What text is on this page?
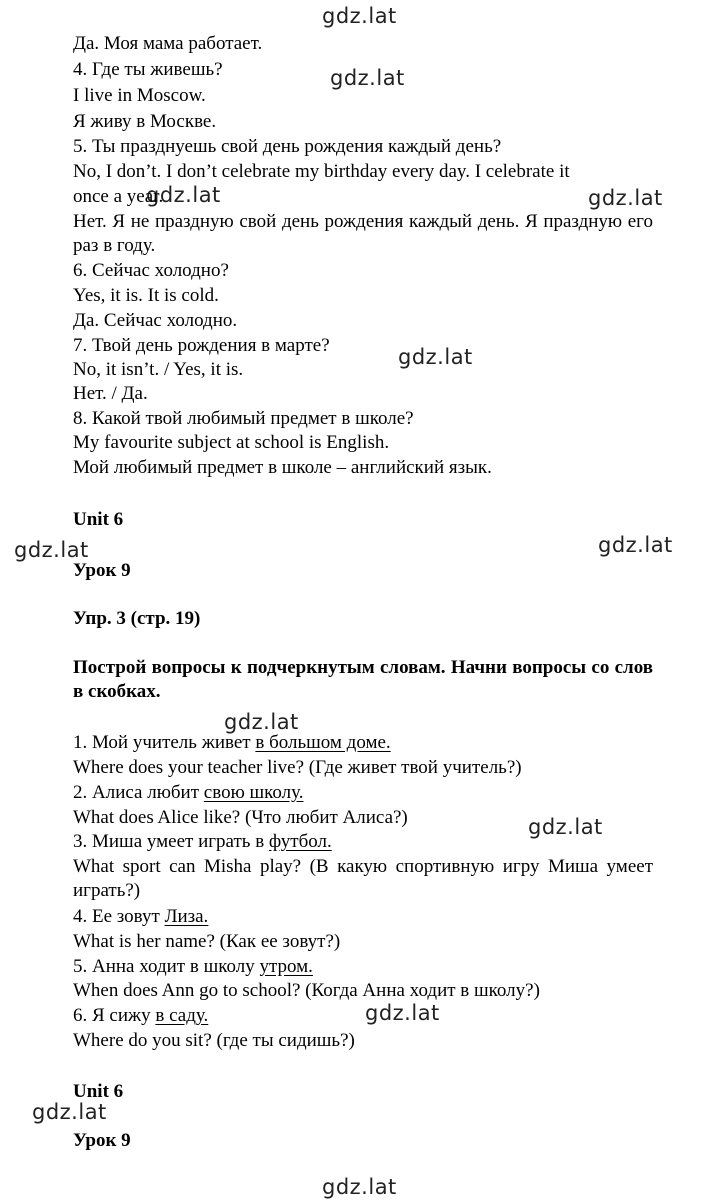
gdz.lat
gdz.lat
gdz.lat	gdz.lat
gdz.lat
gdz.lat	gdz.lat
gdz.lat
gdz.lat
gdz.lat
gdz.lat
gdz.lat
Да. Моя мама работает.
4. Где ты живешь?
I live in Moscow.
Я живу в Москве.
5. Ты празднуешь свой день рождения каждый день?
No, I don’t. I don’t celebrate my birthday every day. I celebrate it
once a year.
Нет. Я не праздную свой день рождения каждый день. Я праздную его раз в году.
6. Сейчас холодно?
Yes, it is. It is cold.
Да. Сейчас холодно.
7. Твой день рождения в марте?
No, it isn’t. / Yes, it is.
Нет. / Да.
8. Какой твой любимый предмет в школе?
My favourite subject at school is English.
Мой любимый предмет в школе – английский язык.
Unit 6
Урок 9
Упр. 3 (стр. 19)
Построй вопросы к подчеркнутым словам. Начни вопросы со слов в скобках.
1. Мой учитель живет в большом доме.
Where does your teacher live? (Где живет твой учитель?)
2. Алиса любит свою школу.
What does Alice like? (Что любит Алиса?)
3. Миша умеет играть в футбол.
What sport can Misha play? (В какую спортивную игру Миша умеет играть?)
4. Ее зовут Лиза.
What is her name? (Как ее зовут?)
5. Анна ходит в школу утром.
When does Ann go to school? (Когда Анна ходит в школу?)
6. Я сижу в саду.
Where do you sit? (где ты сидишь?)
Unit 6
Урок 9
